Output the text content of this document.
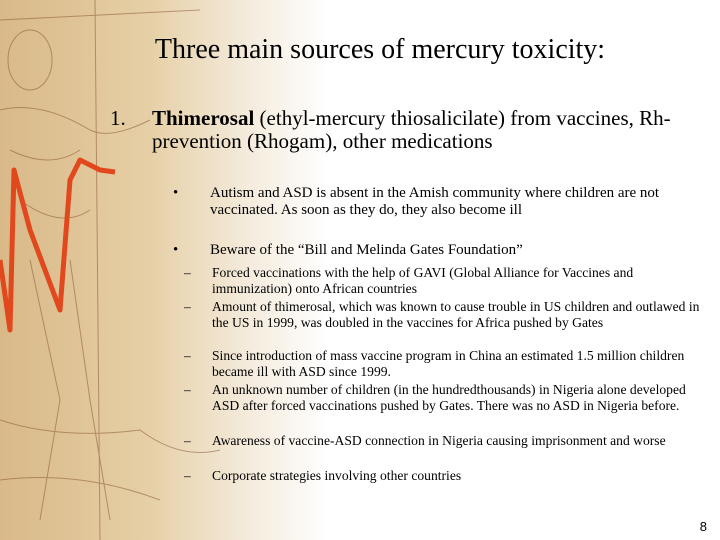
Three main sources of mercury toxicity:
1. Thimerosal (ethyl-mercury thiosalicilate) from vaccines, Rh-prevention (Rhogam), other medications
• Autism and ASD is absent in the Amish community where children are not vaccinated. As soon as they do, they also become ill
• Beware of the “Bill and Melinda Gates Foundation”
– Forced vaccinations with the help of GAVI (Global Alliance for Vaccines and immunization) onto African countries
– Amount of thimerosal, which was known to cause trouble in US children and outlawed in the US in 1999, was doubled in the vaccines for Africa pushed by Gates
– Since introduction of mass vaccine program in China an estimated 1.5 million children became ill with ASD since 1999.
– An unknown number of children (in the hundredthousands) in Nigeria alone developed ASD after forced vaccinations pushed by Gates. There was no ASD in Nigeria before.
– Awareness of vaccine-ASD connection in Nigeria causing imprisonment and worse
– Corporate strategies involving other countries
8
